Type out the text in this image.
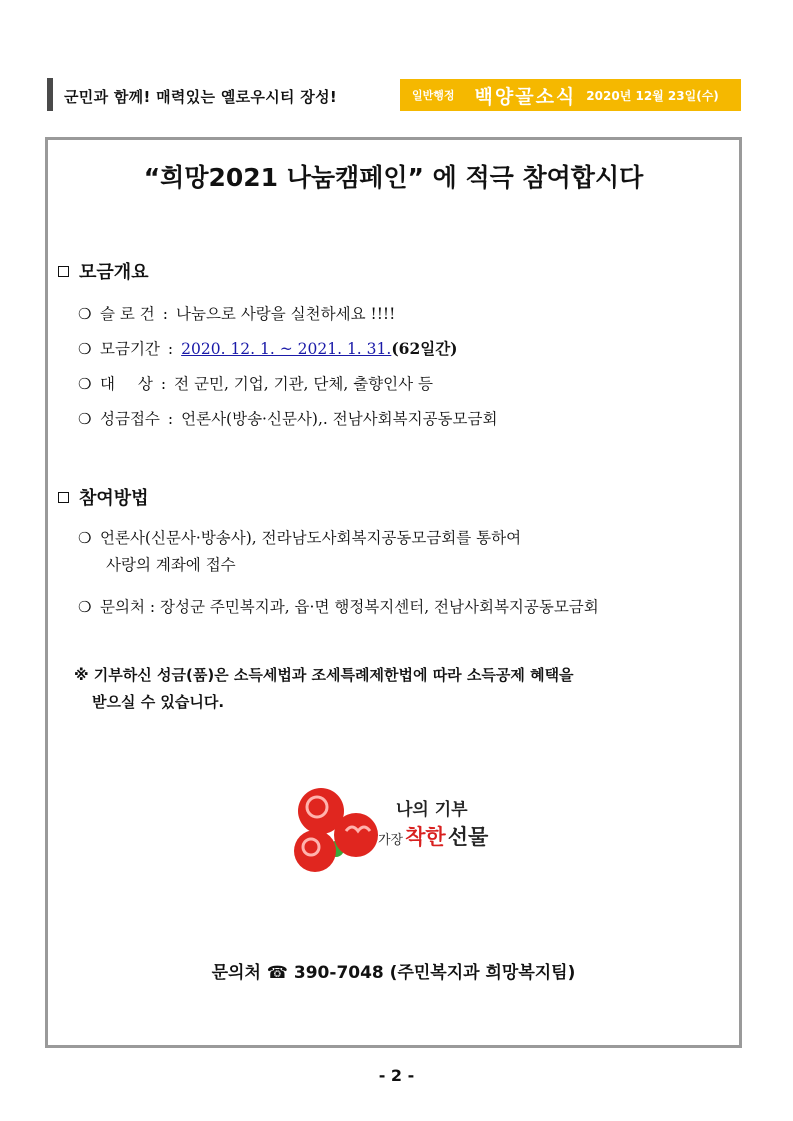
군민과 함께! 매력있는 옐로우시티 장성!	일반행정 백양골소식 2020년 12월 23일(수)
“희망2021 나눔캠페인” 에 적극 참여합시다
모금개요
❍ 슬 로 건 : 나눔으로 사랑을 실천하세요 !!!!
❍ 모금기간 : 2020. 12. 1. ~ 2021. 1. 31. (62일간)
❍ 대 상 : 전 군민, 기업, 기관, 단체, 출향인사 등
❍ 성금접수 : 언론사(방송·신문사),. 전남사회복지공동모금회
참여방법
❍ 언론사(신문사·방송사), 전라남도사회복지공동모금회를 통하여
사랑의 계좌에 접수
❍ 문의처 : 장성군 주민복지과, 읍·면 행정복지센터, 전남사회복지공동모금회
※ 기부하신 성금(품)은 소득세법과 조세특례제한법에 따라 소득공제 혜택을
받으실 수 있습니다.
나의 기부
가장 착한 선물
문의처 ☎ 390-7048 (주민복지과 희망복지팀)
- 2 -
